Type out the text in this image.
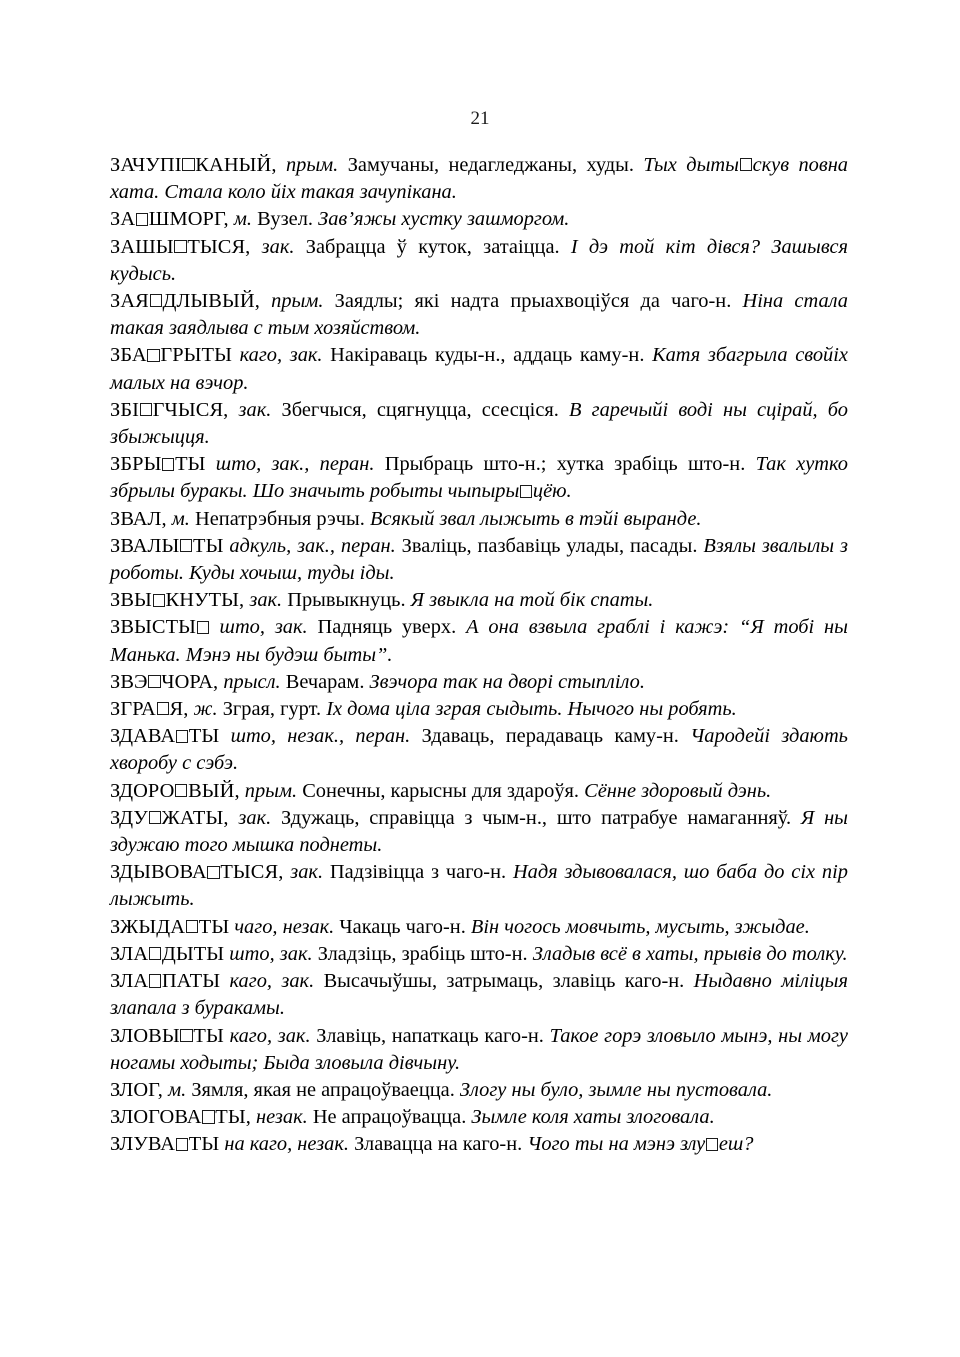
21

ЗАЧУПІ КАНЫЙ, прым. Замучаны, недагледжаны, худы. Тых дыты скув повна хата. Стала коло йіх такая зачупікана.

ЗА ШМОРГ, м. Вузел. Зав’яжы хустку зашморгом.

ЗАШЫ ТЫСЯ, зак. Забрацца ў куток, затаіцца. І дэ той кіт дівся? Зашывся кудысь.

ЗАЯ ДЛЫВЫЙ, прым. Заядлы; які надта прыахвоціўся да чаго-н. Ніна стала такая заядлыва с тым хозяйством.

ЗБА ГРЫТЫ каго, зак. Накіраваць куды-н., аддаць каму-н. Катя збагрыла свойіх малых на вэчор.

ЗБІ ГЧЫСЯ, зак. Збегчыся, сцягнуцца, ссесціся. В гаречыйі воді ны сцірай, бо збыжыцця.

ЗБРЫ ТЫ што, зак., перан. Прыбраць што-н.; хутка зрабіць што-н. Так хутко збрылы буракы. Шо значыть робыты чыпыры цёю.

ЗВАЛ, м. Непатрэбныя рэчы. Всякый звал лыжыть в тэйі выранде.

ЗВАЛЫ ТЫ адкуль, зак., перан. Зваліць, пазбавіць улады, пасады. Взялы звалылы з роботы. Куды хочыш, туды іды.

ЗВЫ КНУТЫ, зак. Прывыкнуць. Я звыкла на той бік спаты.

ЗВЫСТЫ што, зак. Падняць уверх. А она взвыла граблі і кажэ: “Я тобі ны Манька. Мэнэ ны будэш быты”.

ЗВЭ ЧОРА, прысл. Вечарам. Звэчора так на дворі стыпліло.

ЗГРА Я, ж. Зграя, гурт. Іх дома ціла зграя сыдыть. Нычого ны робять.

ЗДАВА ТЫ што, незак., перан. Здаваць, перадаваць каму-н. Чародейі здають хворобу с сэбэ.

ЗДОРО ВЫЙ, прым. Сонечны, карысны для здароўя. Сённе здоровый дэнь.

ЗДУ ЖАТЫ, зак. Здужаць, справіцца з чым-н., што патрабуе намаганняў. Я ны здужаю того мышка поднеты.

ЗДЫВОВА ТЫСЯ, зак. Падзівіцца з чаго-н. Надя здывовалася, шо баба до сіх пір лыжыть.

ЗЖЫДА ТЫ чаго, незак. Чакаць чаго-н. Він чогось мовчыть, мусыть, зжыдае.

ЗЛА ДЫТЫ што, зак. Зладзіць, зрабіць што-н. Зладыв всё в хаты, прывів до толку.

ЗЛА ПАТЫ каго, зак. Высачыўшы, затрымаць, злавіць каго-н. Ныдавно міліцыя злапала з буракамы.

ЗЛОВЫ ТЫ каго, зак. Злавіць, напаткаць каго-н. Такое горэ зловыло мынэ, ны могу ногамы ходыты; Быда зловыла дівчыну.

ЗЛОГ, м. Зямля, якая не апрацоўваецца. Злогу ны було, зымле ны пустовала.

ЗЛОГОВА ТЫ, незак. Не апрацоўвацца. Зымле коля хаты злоговала.

ЗЛУВА ТЫ на каго, незак. Злавацца на каго-н. Чого ты на мэнэ злу еш?
